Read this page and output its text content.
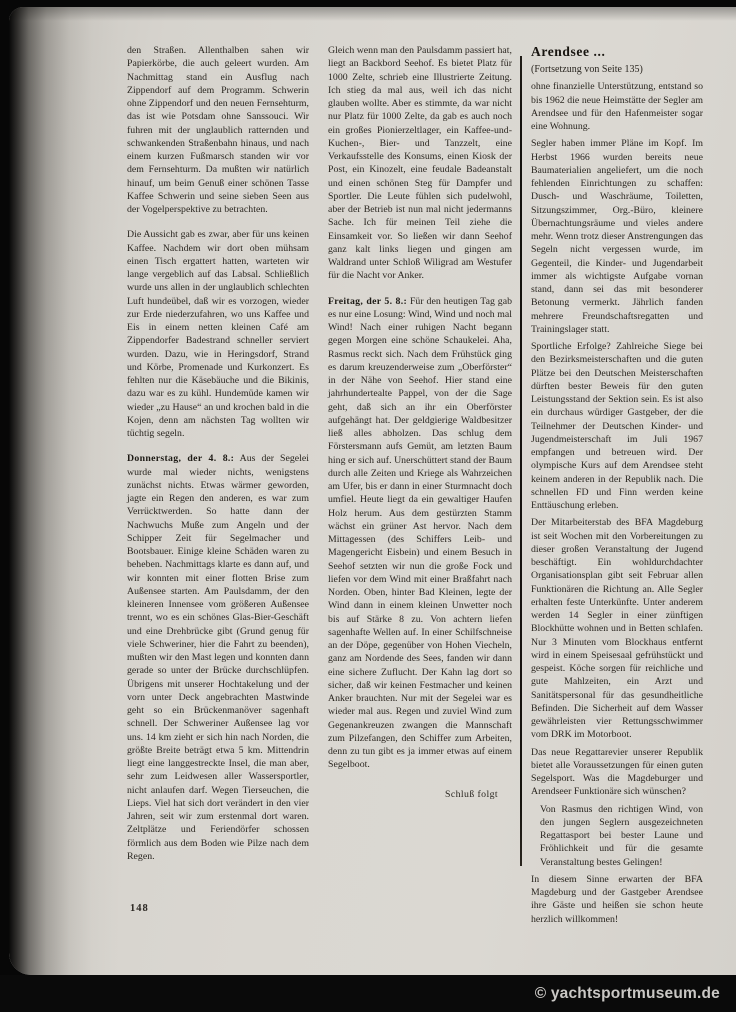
den Straßen. Allenthalben sahen wir Papierkörbe, die auch geleert wurden. Am Nachmittag stand ein Ausflug nach Zippendorf auf dem Programm. Schwerin ohne Zippendorf und den neuen Fernsehturm, das ist wie Potsdam ohne Sanssouci. Wir fuhren mit der unglaublich ratternden und schwankenden Straßenbahn hinaus, und nach einem kurzen Fußmarsch standen wir vor dem Fernsehturm. Da mußten wir natürlich hinauf, um beim Genuß einer schönen Tasse Kaffee Schwerin und seine sieben Seen aus der Vogelperspektive zu betrachten.

Die Aussicht gab es zwar, aber für uns keinen Kaffee. Nachdem wir dort oben mühsam einen Tisch ergattert hatten, warteten wir lange vergeblich auf das Labsal. Schließlich wurde uns allen in der unglaublich schlechten Luft hundeübel, daß wir es vorzogen, wieder zur Erde niederzufahren, wo uns Kaffee und Eis in einem netten kleinen Café am Zippendorfer Badestrand schneller serviert wurden. Dazu, wie in Heringsdorf, Strand und Körbe, Promenade und Kurkonzert. Es fehlten nur die Käsebäuche und die Bikinis, dazu war es zu kühl. Hundemüde kamen wir wieder „zu Hause“ an und krochen bald in die Kojen, denn am nächsten Tag wollten wir tüchtig segeln.

Donnerstag, der 4. 8.: Aus der Segelei wurde mal wieder nichts, wenigstens zunächst nichts. Etwas wärmer geworden, jagte ein Regen den anderen, es war zum Verrücktwerden. So hatte dann der Nachwuchs Muße zum Angeln und der Schipper Zeit für Segelmacher und Bootsbauer. Einige kleine Schäden waren zu beheben. Nachmittags klarte es dann auf, und wir konnten mit einer flotten Brise zum Außensee starten. Am Paulsdamm, der den kleineren Innensee vom größeren Außensee trennt, wo es ein schönes Glas-Bier-Geschäft und eine Drehbrücke gibt (Grund genug für viele Schweriner, hier die Fahrt zu beenden), mußten wir den Mast legen und konnten dann gerade so unter der Brücke durchschlüpfen. Übrigens mit unserer Hochtakelung und der vorn unter Deck angebrachten Mastwinde geht so ein Brückenmanöver sagenhaft schnell. Der Schweriner Außensee lag vor uns. 14 km zieht er sich hin nach Norden, die größte Breite beträgt etwa 5 km. Mittendrin liegt eine langgestreckte Insel, die man aber, sehr zum Leidwesen aller Wassersportler, nicht anlaufen darf. Wegen Tierseuchen, die Lieps. Viel hat sich dort verändert in den vier Jahren, seit wir zum erstenmal dort waren. Zeltplätze und Feriendörfer schossen förmlich aus dem Boden wie Pilze nach dem Regen.

Gleich wenn man den Paulsdamm passiert hat, liegt an Backbord Seehof. Es bietet Platz für 1000 Zelte, schrieb eine Illustrierte Zeitung. Ich stieg da mal aus, weil ich das nicht glauben wollte. Aber es stimmte, da war nicht nur Platz für 1000 Zelte, da gab es auch noch ein großes Pionierzeltlager, ein Kaffee-und-Kuchen-, Bier- und Tanzzelt, eine Verkaufsstelle des Konsums, einen Kiosk der Post, ein Kinozelt, eine feudale Badeanstalt und einen schönen Steg für Dampfer und Sportler. Die Leute fühlen sich pudelwohl, aber der Betrieb ist nun mal nicht jedermanns Sache. Ich für meinen Teil ziehe die Einsamkeit vor. So ließen wir dann Seehof ganz kalt links liegen und gingen am Waldrand unter Schloß Wiligrad am Westufer für die Nacht vor Anker.

Freitag, der 5. 8.: Für den heutigen Tag gab es nur eine Losung: Wind, Wind und noch mal Wind! Nach einer ruhigen Nacht begann gegen Morgen eine schöne Schaukelei. Aha, Rasmus reckt sich. Nach dem Frühstück ging es darum kreuzenderweise zum „Oberförster“ in der Nähe von Seehof. Hier stand eine jahrhundertealte Pappel, von der die Sage geht, daß sich an ihr ein Oberförster aufgehängt hat. Der geldgierige Waldbesitzer ließ alles abholzen. Das schlug dem Förstersmann aufs Gemüt, am letzten Baum hing er sich auf. Unerschüttert stand der Baum durch alle Zeiten und Kriege als Wahrzeichen am Ufer, bis er dann in einer Sturmnacht doch umfiel. Heute liegt da ein gewaltiger Haufen Holz herum. Aus dem gestürzten Stamm wächst ein grüner Ast hervor. Nach dem Mittagessen (des Schiffers Leib- und Magengericht Eisbein) und einem Besuch in Seehof setzten wir nun die große Fock und liefen vor dem Wind mit einer Braßfahrt nach Norden. Oben, hinter Bad Kleinen, legte der Wind dann in einem kleinen Unwetter noch bis auf Stärke 8 zu. Von achtern liefen sagenhafte Wellen auf. In einer Schilfschneise an der Döpe, gegenüber von Hohen Viecheln, ganz am Nordende des Sees, fanden wir dann eine sichere Zuflucht. Der Kahn lag dort so sicher, daß wir keinen Festmacher und keinen Anker brauchten. Nur mit der Segelei war es wieder mal aus. Regen und zuviel Wind zum Gegenankreuzen zwangen die Mannschaft zum Pilzefangen, den Schiffer zum Arbeiten, denn zu tun gibt es ja immer etwas auf einem Segelboot.

Schluß folgt

Arendsee ...

(Fortsetzung von Seite 135)

ohne finanzielle Unterstützung, entstand so bis 1962 die neue Heimstätte der Segler am Arendsee und für den Hafenmeister sogar eine Wohnung.

Segler haben immer Pläne im Kopf. Im Herbst 1966 wurden bereits neue Baumaterialien angeliefert, um die noch fehlenden Einrichtungen zu schaffen: Dusch- und Waschräume, Toiletten, Sitzungszimmer, Org.-Büro, kleinere Übernachtungsräume und vieles andere mehr. Wenn trotz dieser Anstrengungen das Segeln nicht vergessen wurde, im Gegenteil, die Kinder- und Jugendarbeit immer als wichtigste Aufgabe vornan stand, dann sei das mit besonderer Betonung vermerkt. Jährlich fanden mehrere Freundschaftsregatten und Trainingslager statt.

Sportliche Erfolge? Zahlreiche Siege bei den Bezirksmeisterschaften und die guten Plätze bei den Deutschen Meisterschaften dürften bester Beweis für den guten Leistungsstand der Sektion sein. Es ist also ein durchaus würdiger Gastgeber, der die Teilnehmer der Deutschen Kinder- und Jugendmeisterschaft im Juli 1967 empfangen und betreuen wird. Der olympische Kurs auf dem Arendsee steht keinem anderen in der Republik nach. Die schnellen FD und Finn werden keine Enttäuschung erleben.

Der Mitarbeiterstab des BFA Magdeburg ist seit Wochen mit den Vorbereitungen zu dieser großen Veranstaltung der Jugend beschäftigt. Ein wohldurchdachter Organisationsplan gibt seit Februar allen Funktionären die Richtung an. Alle Segler erhalten feste Unterkünfte. Unter anderem werden 14 Segler in einer zünftigen Blockhütte wohnen und in Betten schlafen. Nur 3 Minuten vom Blockhaus entfernt wird in einem Speisesaal gefrühstückt und gespeist. Köche sorgen für reichliche und gute Mahlzeiten, ein Arzt und Sanitätspersonal für das gesundheitliche Befinden. Die Sicherheit auf dem Wasser gewährleisten vier Rettungsschwimmer vom DRK im Motorboot.

Das neue Regattarevier unserer Republik bietet alle Voraussetzungen für einen guten Segelsport. Was die Magdeburger und Arendseer Funktionäre sich wünschen?

Von Rasmus den richtigen Wind, von den jungen Seglern ausgezeichneten Regattasport bei bester Laune und Fröhlichkeit und für die gesamte Veranstaltung bestes Gelingen!

In diesem Sinne erwarten der BFA Magdeburg und der Gastgeber Arendsee ihre Gäste und heißen sie schon heute herzlich willkommen!

148
© yachtsportmuseum.de
